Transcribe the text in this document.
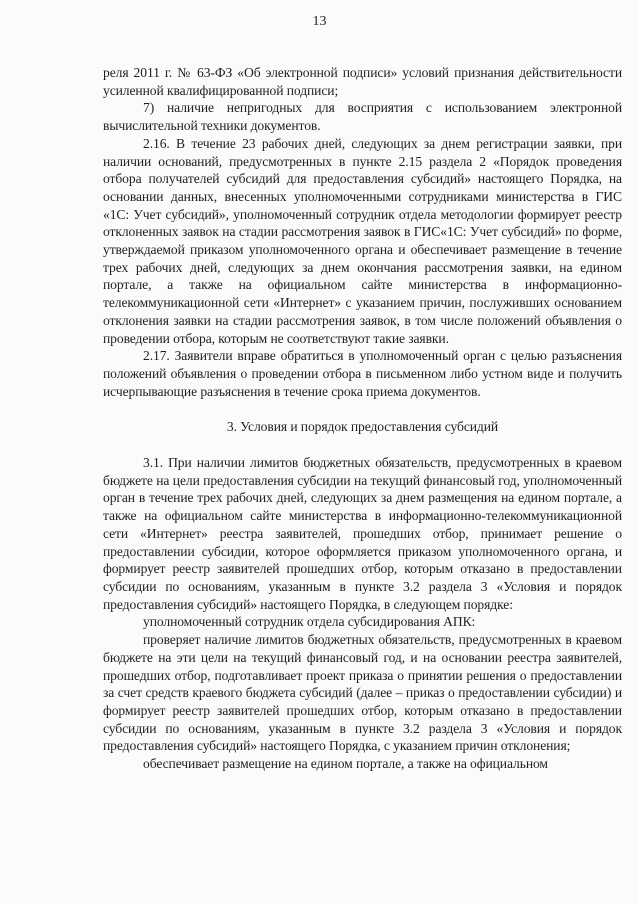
13

реля 2011 г. № 63-ФЗ «Об электронной подписи» условий признания действительности усиленной квалифицированной подписи;

7) наличие непригодных для восприятия с использованием электронной вычислительной техники документов.

2.16. В течение 23 рабочих дней, следующих за днем регистрации заявки, при наличии оснований, предусмотренных в пункте 2.15 раздела 2 «Порядок проведения отбора получателей субсидий для предоставления субсидий» настоящего Порядка, на основании данных, внесенных уполномоченными сотрудниками министерства в ГИС «1С: Учет субсидий», уполномоченный сотрудник отдела методологии формирует реестр отклоненных заявок на стадии рассмотрения заявок в ГИС«1С: Учет субсидий» по форме, утверждаемой приказом уполномоченного органа и обеспечивает размещение в течение трех рабочих дней, следующих за днем окончания рассмотрения заявки, на едином портале, а также на официальном сайте министерства в информационно-телекоммуникационной сети «Интернет» с указанием причин, послуживших основанием отклонения заявки на стадии рассмотрения заявок, в том числе положений объявления о проведении отбора, которым не соответствуют такие заявки.

2.17. Заявители вправе обратиться в уполномоченный орган с целью разъяснения положений объявления о проведении отбора в письменном либо устном виде и получить исчерпывающие разъяснения в течение срока приема документов.

3. Условия и порядок предоставления субсидий

3.1. При наличии лимитов бюджетных обязательств, предусмотренных в краевом бюджете на цели предоставления субсидии на текущий финансовый год, уполномоченный орган в течение трех рабочих дней, следующих за днем размещения на едином портале, а также на официальном сайте министерства в информационно-телекоммуникационной сети «Интернет» реестра заявителей, прошедших отбор, принимает решение о предоставлении субсидии, которое оформляется приказом уполномоченного органа, и формирует реестр заявителей прошедших отбор, которым отказано в предоставлении субсидии по основаниям, указанным в пункте 3.2 раздела 3 «Условия и порядок предоставления субсидий» настоящего Порядка, в следующем порядке:

уполномоченный сотрудник отдела субсидирования АПК:

проверяет наличие лимитов бюджетных обязательств, предусмотренных в краевом бюджете на эти цели на текущий финансовый год, и на основании реестра заявителей, прошедших отбор, подготавливает проект приказа о принятии решения о предоставлении за счет средств краевого бюджета субсидий (далее – приказ о предоставлении субсидии) и формирует реестр заявителей прошедших отбор, которым отказано в предоставлении субсидии по основаниям, указанным в пункте 3.2 раздела 3 «Условия и порядок предоставления субсидий» настоящего Порядка, с указанием причин отклонения;

обеспечивает размещение на едином портале, а также на официальном
